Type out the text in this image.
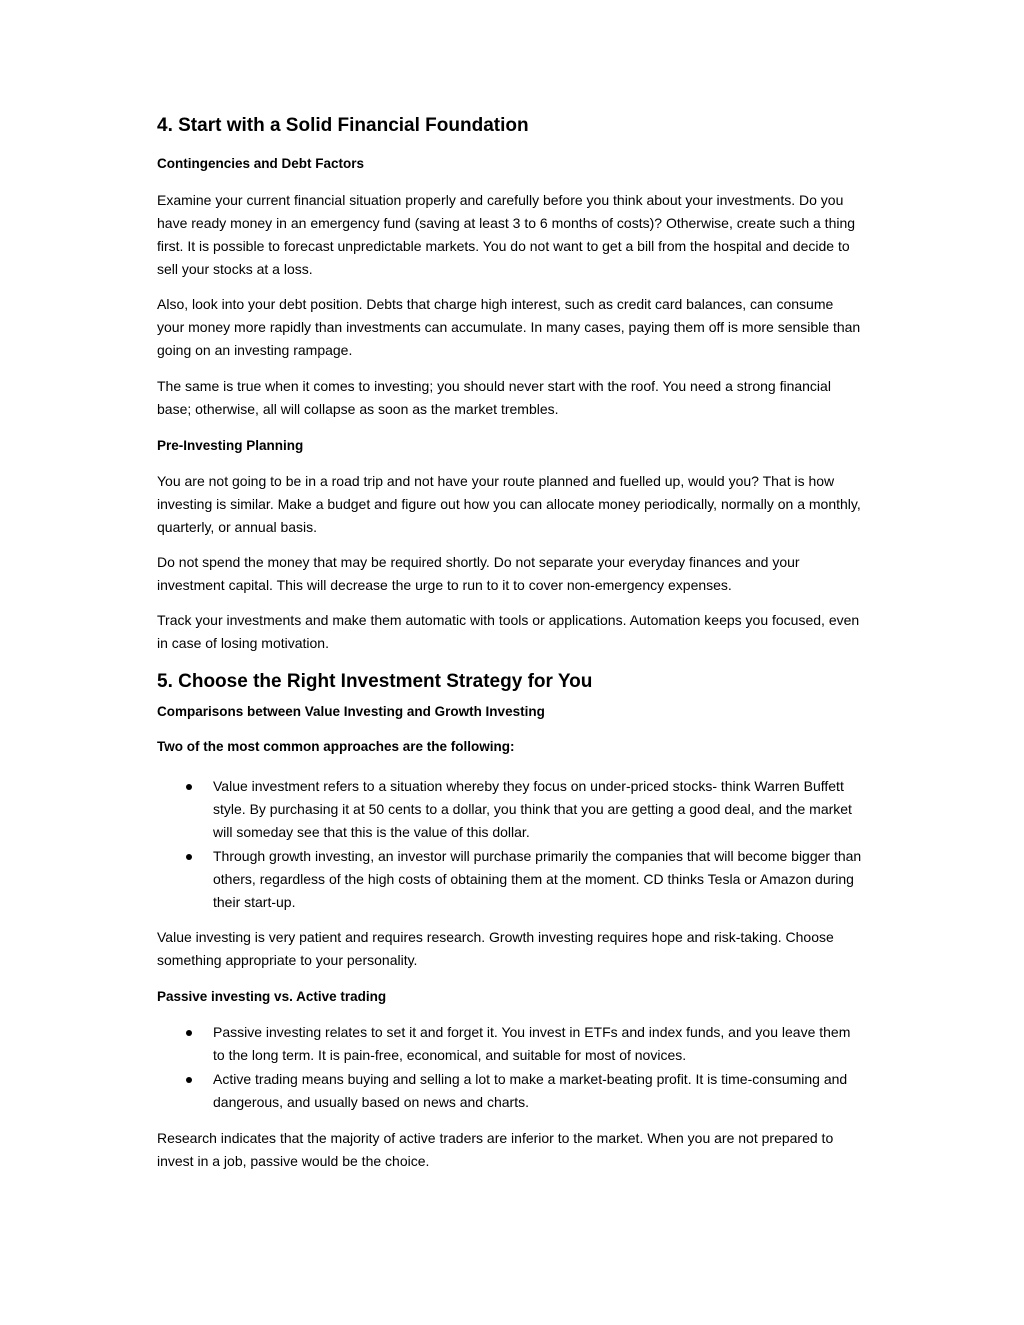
4. Start with a Solid Financial Foundation
Contingencies and Debt Factors

Examine your current financial situation properly and carefully before you think about your investments. Do you have ready money in an emergency fund (saving at least 3 to 6 months of costs)? Otherwise, create such a thing first. It is possible to forecast unpredictable markets. You do not want to get a bill from the hospital and decide to sell your stocks at a loss.

Also, look into your debt position. Debts that charge high interest, such as credit card balances, can consume your money more rapidly than investments can accumulate. In many cases, paying them off is more sensible than going on an investing rampage.

The same is true when it comes to investing; you should never start with the roof. You need a strong financial base; otherwise, all will collapse as soon as the market trembles.

Pre-Investing Planning

You are not going to be in a road trip and not have your route planned and fuelled up, would you? That is how investing is similar. Make a budget and figure out how you can allocate money periodically, normally on a monthly, quarterly, or annual basis.

Do not spend the money that may be required shortly. Do not separate your everyday finances and your investment capital. This will decrease the urge to run to it to cover non-emergency expenses.

Track your investments and make them automatic with tools or applications. Automation keeps you focused, even in case of losing motivation.

5. Choose the Right Investment Strategy for You
Comparisons between Value Investing and Growth Investing
Two of the most common approaches are the following:
Value investment refers to a situation whereby they focus on under-priced stocks- think Warren Buffett style. By purchasing it at 50 cents to a dollar, you think that you are getting a good deal, and the market will someday see that this is the value of this dollar.
Through growth investing, an investor will purchase primarily the companies that will become bigger than others, regardless of the high costs of obtaining them at the moment. CD thinks Tesla or Amazon during their start-up.

Value investing is very patient and requires research. Growth investing requires hope and risk-taking. Choose something appropriate to your personality.

Passive investing vs. Active trading
Passive investing relates to set it and forget it. You invest in ETFs and index funds, and you leave them to the long term. It is pain-free, economical, and suitable for most of novices.
Active trading means buying and selling a lot to make a market-beating profit. It is time-consuming and dangerous, and usually based on news and charts.

Research indicates that the majority of active traders are inferior to the market. When you are not prepared to invest in a job, passive would be the choice.
